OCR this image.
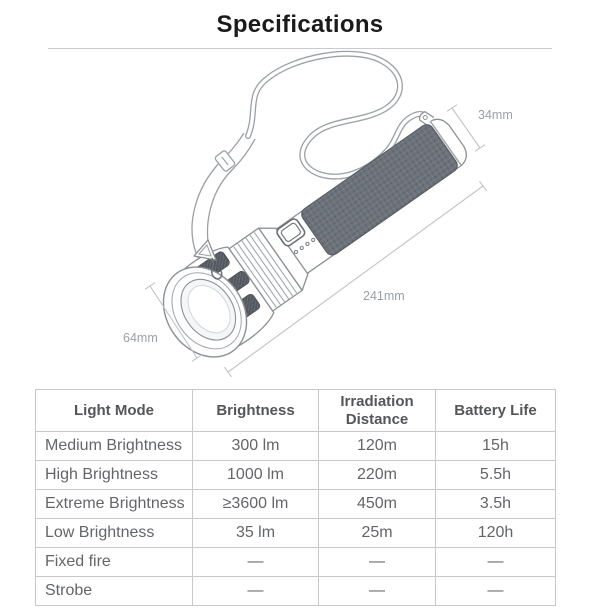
Specifications
34mm
241mm
64mm
Light Mode	Brightness	Irradiation Distance	Battery Life
Medium Brightness	300 lm	120m	15h
High Brightness	1000 lm	220m	5.5h
Extreme Brightness	≥3600 lm	450m	3.5h
Low Brightness	35 lm	25m	120h
Fixed fire	—	—	—
Strobe	—	—	—
